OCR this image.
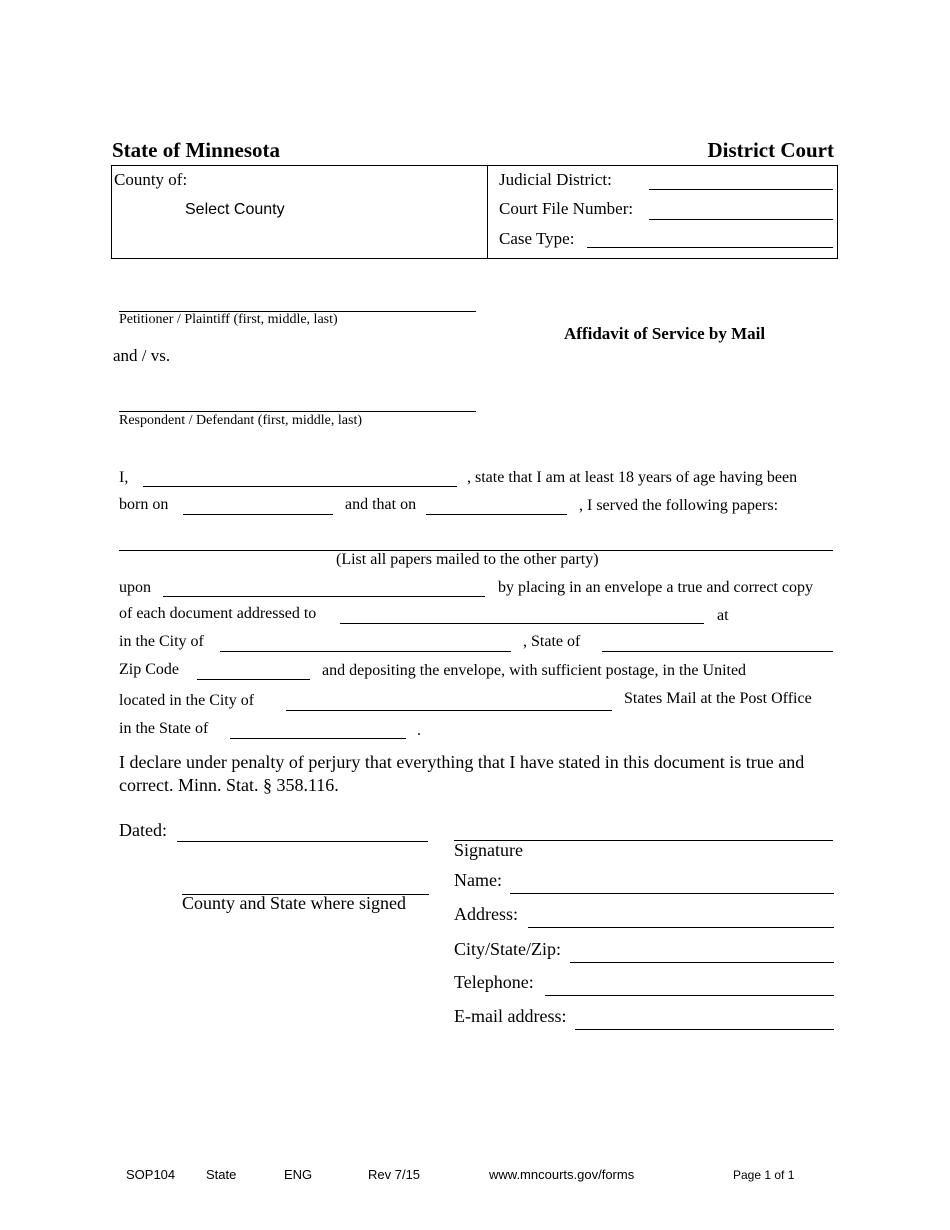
State of Minnesota	District Court
County of:
Select County
Judicial District:
Court File Number:
Case Type:
Petitioner / Plaintiff (first, middle, last)
and / vs.
Respondent / Defendant (first, middle, last)
Affidavit of Service by Mail
I,	, state that I am at least 18 years of age having been
born on	and that on	, I served the following papers:
(List all papers mailed to the other party)
upon	by placing in an envelope a true and correct copy
of each document addressed to	at
in the City of	, State of
Zip Code	and depositing the envelope, with sufficient postage, in the United
located in the City of	States Mail at the Post Office
in the State of	.
I declare under penalty of perjury that everything that I have stated in this document is true and
correct. Minn. Stat. § 358.116.
Dated:
County and State where signed
Signature
Name:
Address:
City/State/Zip:
Telephone:
E-mail address:
SOP104 State	ENG	Rev 7/15	www.mncourts.gov/forms	Page 1 of 1
